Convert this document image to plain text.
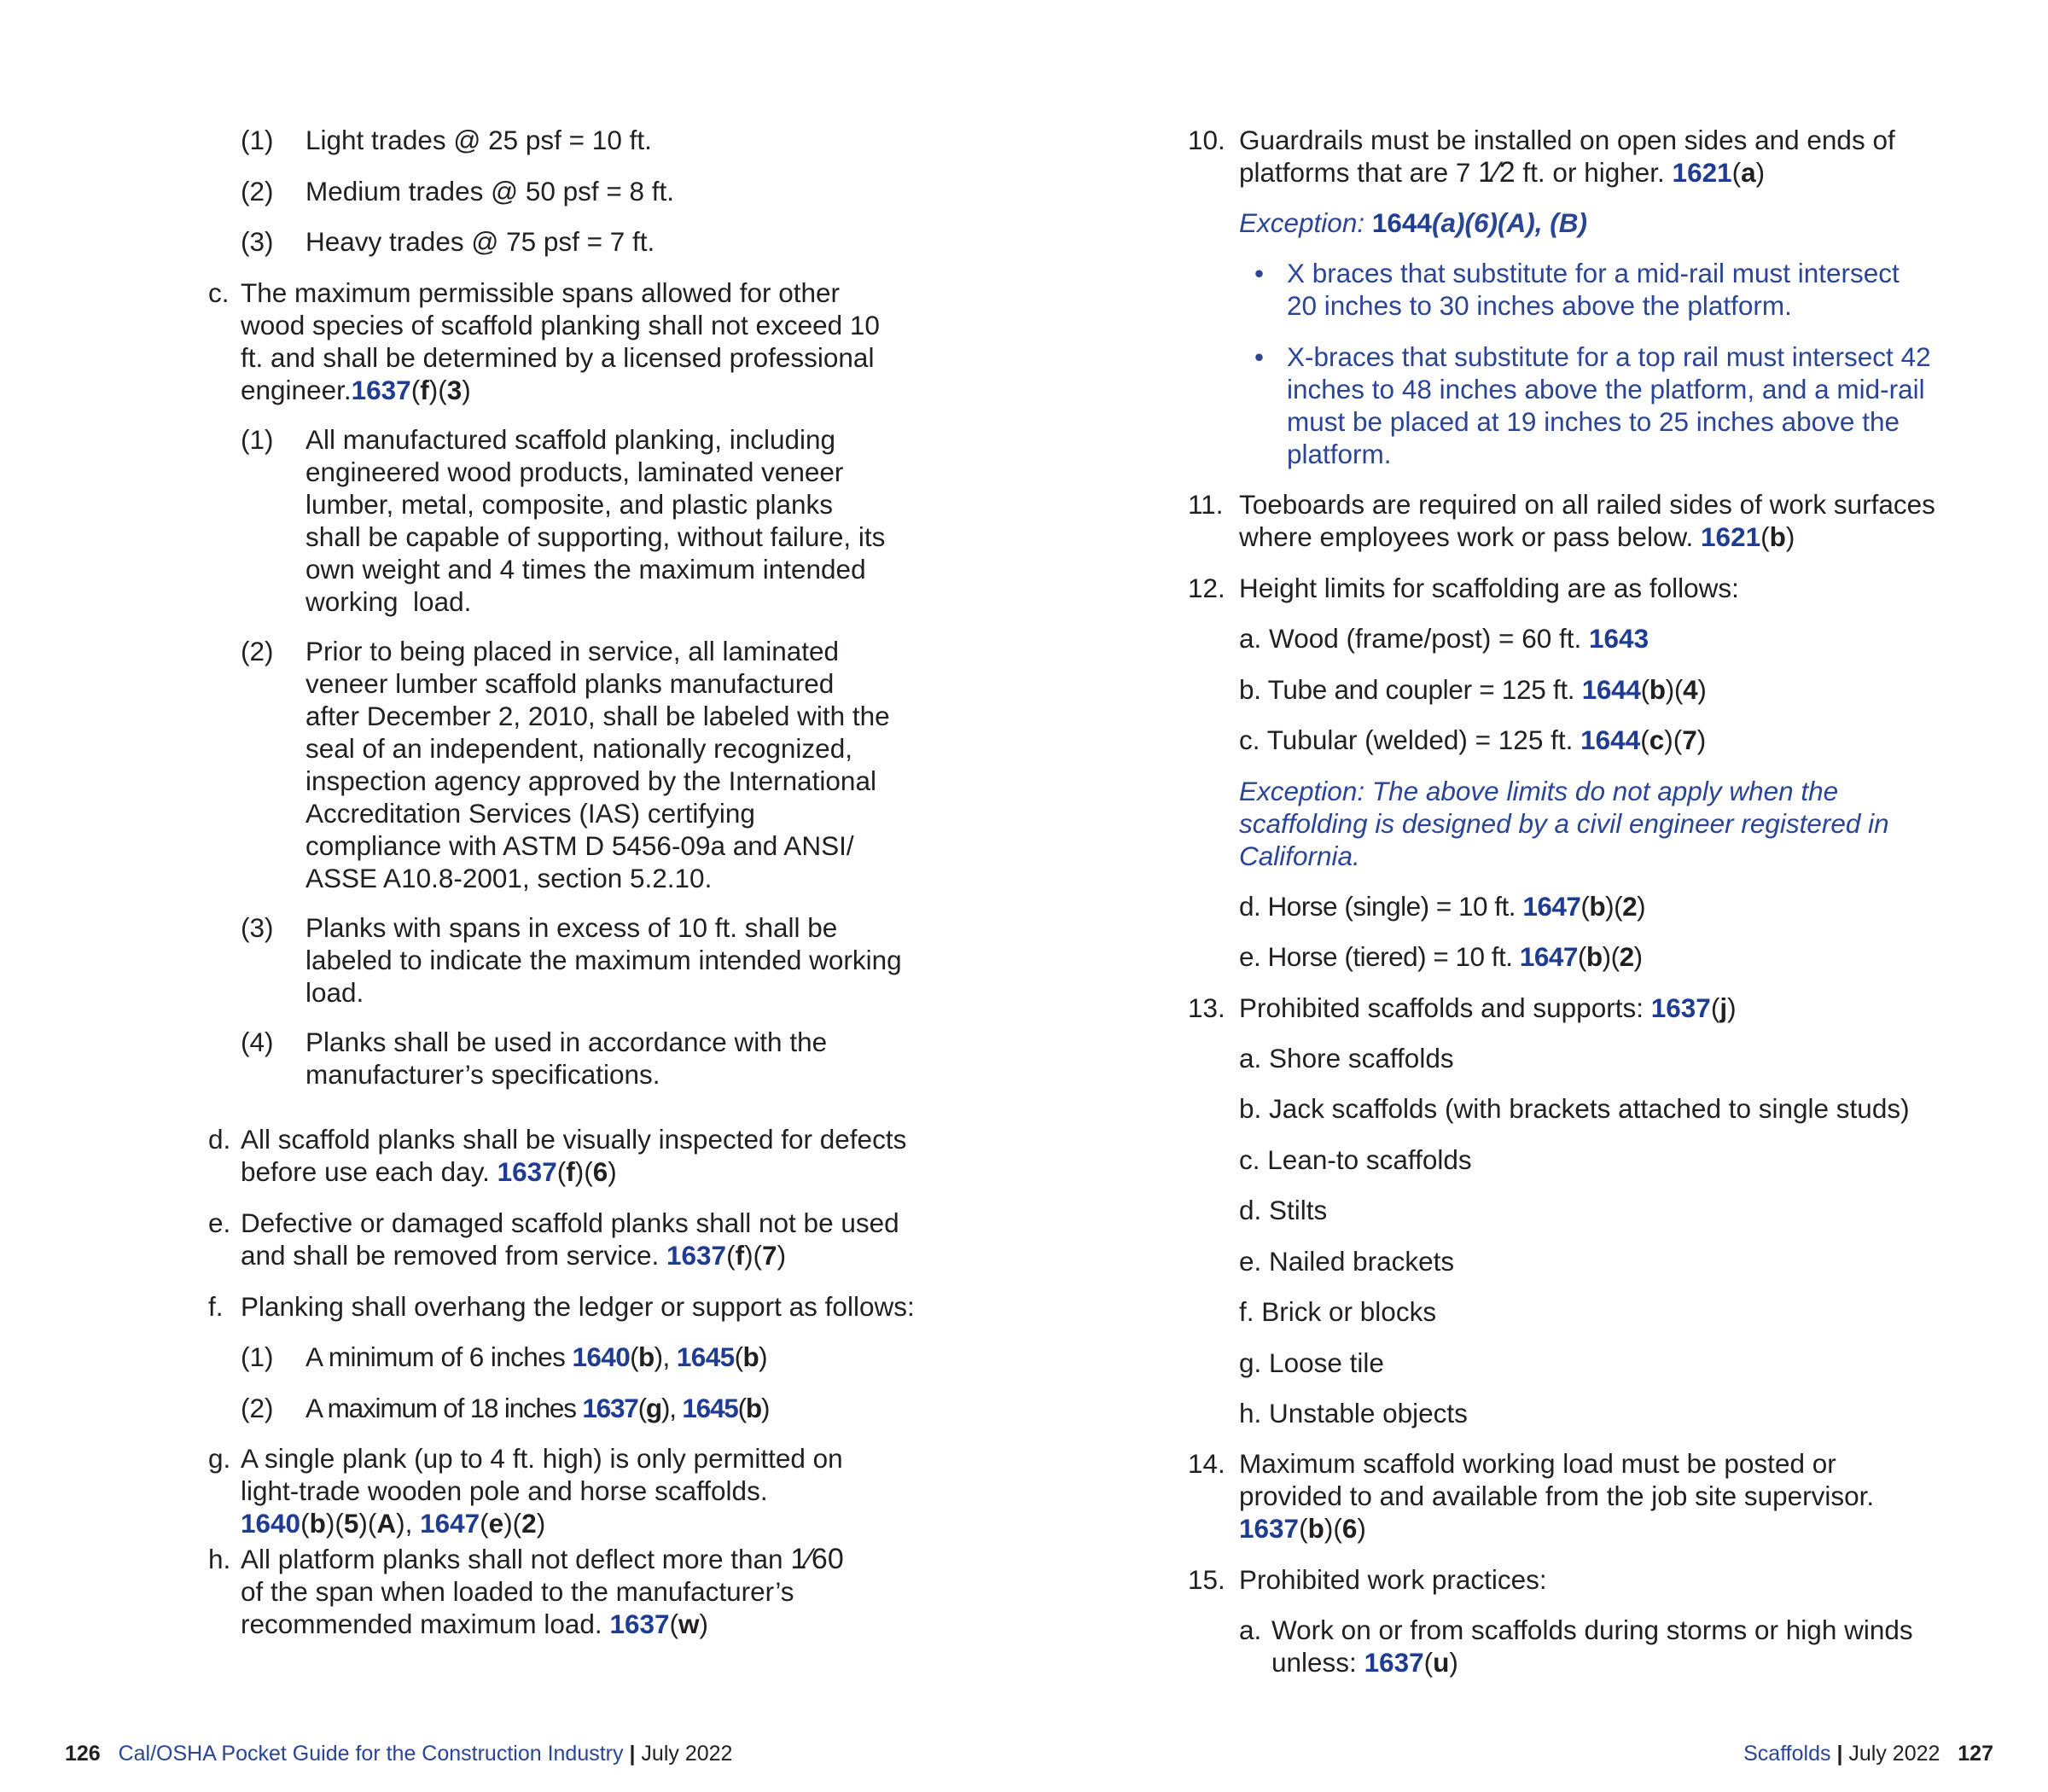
(1) Light trades @ 25 psf = 10 ft.
(2) Medium trades @ 50 psf = 8 ft.
(3) Heavy trades @ 75 psf = 7 ft.
c. The maximum permissible spans allowed for other
wood species of scaffold planking shall not exceed 10
ft. and shall be determined by a licensed professional
engineer.1637(f)(3)
(1) All manufactured scaffold planking, including
engineered wood products, laminated veneer
lumber, metal, composite, and plastic planks
shall be capable of supporting, without failure, its
own weight and 4 times the maximum intended
working  load.
(2) Prior to being placed in service, all laminated
veneer lumber scaffold planks manufactured
after December 2, 2010, shall be labeled with the
seal of an independent, nationally recognized,
inspection agency approved by the International
Accreditation Services (IAS) certifying
compliance with ASTM D 5456-09a and ANSI/
ASSE A10.8-2001, section 5.2.10.
(3) Planks with spans in excess of 10 ft. shall be
labeled to indicate the maximum intended working
load.
(4) Planks shall be used in accordance with the
manufacturer’s specifications.
d. All scaffold planks shall be visually inspected for defects
before use each day. 1637(f)(6)
e. Defective or damaged scaffold planks shall not be used
and shall be removed from service. 1637(f)(7)
f. Planking shall overhang the ledger or support as follows:
(1) A minimum of 6 inches 1640(b), 1645(b)
(2) A maximum of 18 inches 1637(g), 1645(b)
g. A single plank (up to 4 ft. high) is only permitted on
light-trade wooden pole and horse scaffolds.
1640(b)(5)(A), 1647(e)(2)
h. All platform planks shall not deflect more than 1⁄60
of the span when loaded to the manufacturer’s
recommended maximum load. 1637(w)
10. Guardrails must be installed on open sides and ends of
platforms that are 7 1⁄2 ft. or higher. 1621(a)
Exception: 1644(a)(6)(A), (B)
• X braces that substitute for a mid-rail must intersect
20 inches to 30 inches above the platform.
• X-braces that substitute for a top rail must intersect 42
inches to 48 inches above the platform, and a mid-rail
must be placed at 19 inches to 25 inches above the
platform.
11. Toeboards are required on all railed sides of work surfaces
where employees work or pass below. 1621(b)
12. Height limits for scaffolding are as follows:
a. Wood (frame/post) = 60 ft. 1643
b. Tube and coupler = 125 ft. 1644(b)(4)
c. Tubular (welded) = 125 ft. 1644(c)(7)
Exception: The above limits do not apply when the
scaffolding is designed by a civil engineer registered in
California.
d. Horse (single) = 10 ft. 1647(b)(2)
e. Horse (tiered) = 10 ft. 1647(b)(2)
13. Prohibited scaffolds and supports: 1637(j)
a. Shore scaffolds
b. Jack scaffolds (with brackets attached to single studs)
c. Lean-to scaffolds
d. Stilts
e. Nailed brackets
f. Brick or blocks
g. Loose tile
h. Unstable objects
14. Maximum scaffold working load must be posted or
provided to and available from the job site supervisor.
1637(b)(6)
15. Prohibited work practices:
a. Work on or from scaffolds during storms or high winds
unless: 1637(u)
126 Cal/OSHA Pocket Guide for the Construction Industry | July 2022	Scaffolds | July 2022 127
